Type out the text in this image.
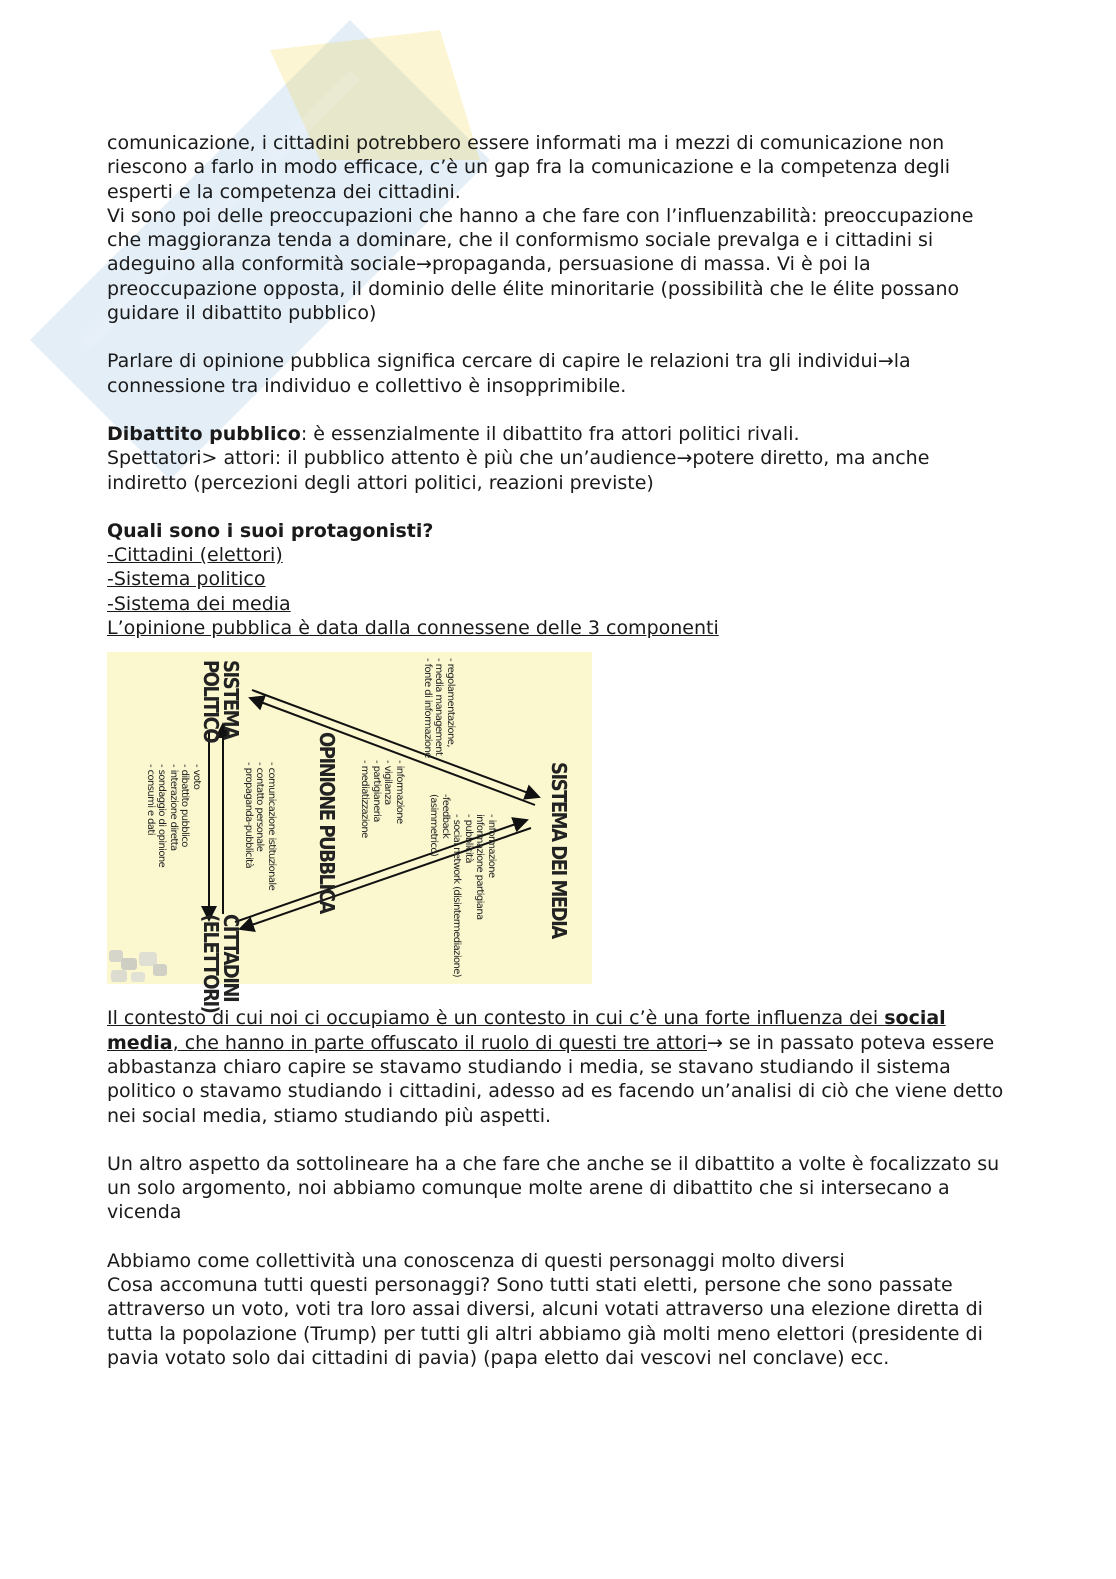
comunicazione, i cittadini potrebbero essere informati ma i mezzi di comunicazione non riescono a farlo in modo efficace, c’è un gap fra la comunicazione e la competenza degli esperti e la competenza dei cittadini.

Vi sono poi delle preoccupazioni che hanno a che fare con l’influenzabilità: preoccupazione che maggioranza tenda a dominare, che il conformismo sociale prevalga e i cittadini si adeguino alla conformità sociale→propaganda, persuasione di massa. Vi è poi la preoccupazione opposta, il dominio delle élite minoritarie (possibilità che le élite possano guidare il dibattito pubblico)

Parlare di opinione pubblica significa cercare di capire le relazioni tra gli individui→la connessione tra individuo e collettivo è insopprimibile.

Dibattito pubblico: è essenzialmente il dibattito fra attori politici rivali.

Spettatori> attori: il pubblico attento è più che un’audience→potere diretto, ma anche indiretto (percezioni degli attori politici, reazioni previste)

Quali sono i suoi protagonisti?

-Cittadini (elettori)

-Sistema politico

-Sistema dei media

L’opinione pubblica è data dalla connessene delle 3 componenti

SISTEMA
POLITICO	- regolamentazione,
- media management
- fonte di informazione
OPINIONE PUBBLICA	- informazione
- vigilanza
- partigianeria
- mediatizzazione
- comunicazione istituzionale
- contatto personale
- propaganda-pubblicità
- voto
- dibattito pubblico
- interazione diretta
- sondaggio di opinione
- consumi e dati	SISTEMA DEI MEDIA
-feedback
(asimmetrico)	- informazione
informazione partigiana
- pubblicità
- social network (disintermediazione)
CITTADINI
(ELETTORI)

Il contesto di cui noi ci occupiamo è un contesto in cui c’è una forte influenza dei social media, che hanno in parte offuscato il ruolo di questi tre attori→ se in passato poteva essere abbastanza chiaro capire se stavamo studiando i media, se stavano studiando il sistema politico o stavamo studiando i cittadini, adesso ad es facendo un’analisi di ciò che viene detto nei social media, stiamo studiando più aspetti.

Un altro aspetto da sottolineare ha a che fare che anche se il dibattito a volte è focalizzato su un solo argomento, noi abbiamo comunque molte arene di dibattito che si intersecano a vicenda

Abbiamo come collettività una conoscenza di questi personaggi molto diversi

Cosa accomuna tutti questi personaggi? Sono tutti stati eletti, persone che sono passate attraverso un voto, voti tra loro assai diversi, alcuni votati attraverso una elezione diretta di tutta la popolazione (Trump) per tutti gli altri abbiamo già molti meno elettori (presidente di pavia votato solo dai cittadini di pavia) (papa eletto dai vescovi nel conclave) ecc.
